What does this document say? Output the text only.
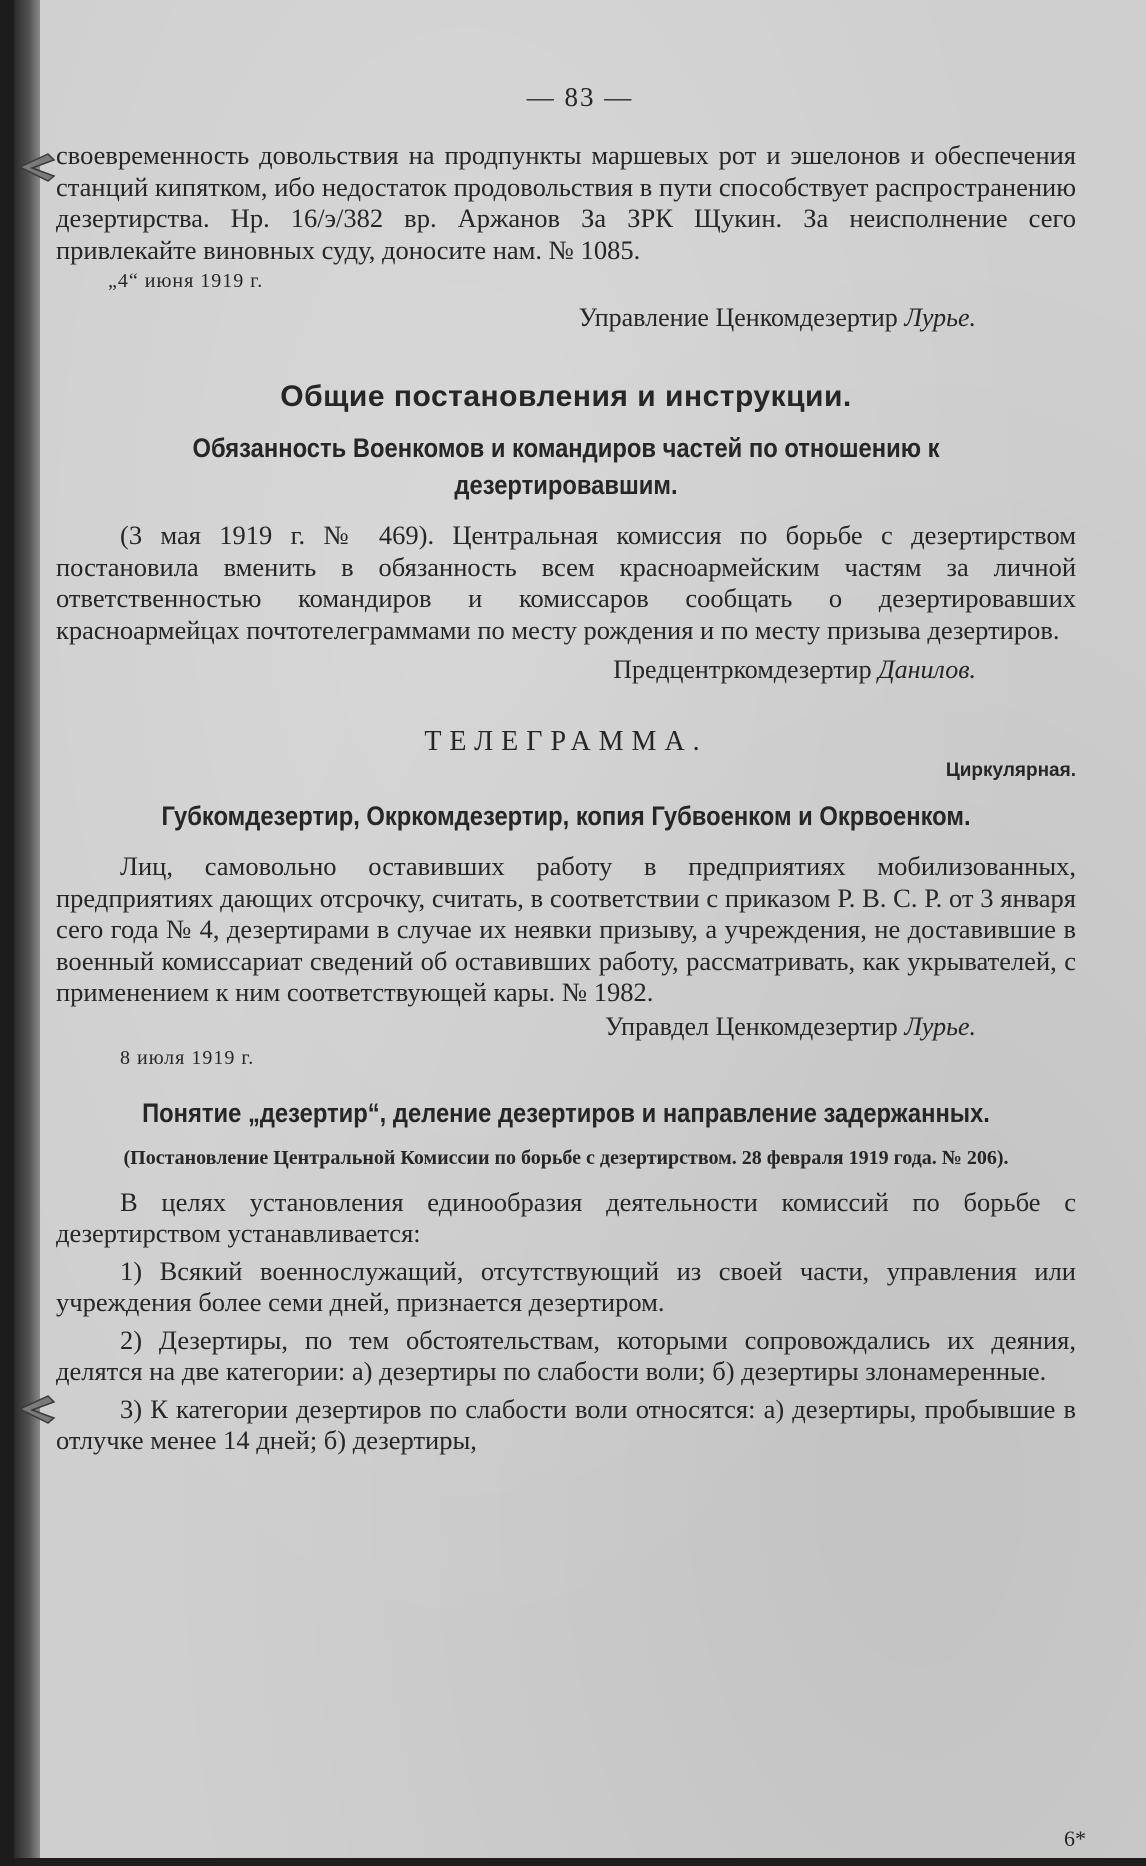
— 83 —

своевременность довольствия на продпункты маршевых рот и эшелонов и обеспечения станций кипятком, ибо недостаток продовольствия в пути способствует распространению дезертирства. Нр. 16/э/382 вр. Аржанов За ЗРК Щукин. За неисполнение сего привлекайте виновных суду, доносите нам. № 1085.

„4“ июня 1919 г.
Управление Ценкомдезертир Лурье.
Общие постановления и инструкции.
Обязанность Военкомов и командиров частей по отношению к дезертировавшим.

(3 мая 1919 г. № 469). Центральная комиссия по борьбе с дезертирством постановила вменить в обязанность всем красноармейским частям за личной ответственностью командиров и комиссаров сообщать о дезертировавших красноармейцах почтотелеграммами по месту рождения и по месту призыва дезертиров.

Предцентркомдезертир Данилов.
ТЕЛЕГРАММА.
Циркулярная.
Губкомдезертир, Окркомдезертир, копия Губвоенком и Окрвоенком.

Лиц, самовольно оставивших работу в предприятиях мобилизованных, предприятиях дающих отсрочку, считать, в соответствии с приказом Р. В. С. Р. от 3 января сего года № 4, дезертирами в случае их неявки призыву, а учреждения, не доставившие в военный комиссариат сведений об оставивших работу, рассматривать, как укрывателей, с применением к ним соответствующей кары. № 1982.

Управдел Ценкомдезертир Лурье.
8 июля 1919 г.
Понятие „дезертир“, деление дезертиров и направление задержанных.
(Постановление Центральной Комиссии по борьбе с дезертирством. 28 февраля 1919 года. № 206).

В целях установления единообразия деятельности комиссий по борьбе с дезертирством устанавливается:

1) Всякий военнослужащий, отсутствующий из своей части, управления или учреждения более семи дней, признается дезертиром.

2) Дезертиры, по тем обстоятельствам, которыми сопровождались их деяния, делятся на две категории: а) дезертиры по слабости воли; б) дезертиры злонамеренные.

3) К категории дезертиров по слабости воли относятся: а) дезертиры, пробывшие в отлучке менее 14 дней; б) дезертиры,

6*
